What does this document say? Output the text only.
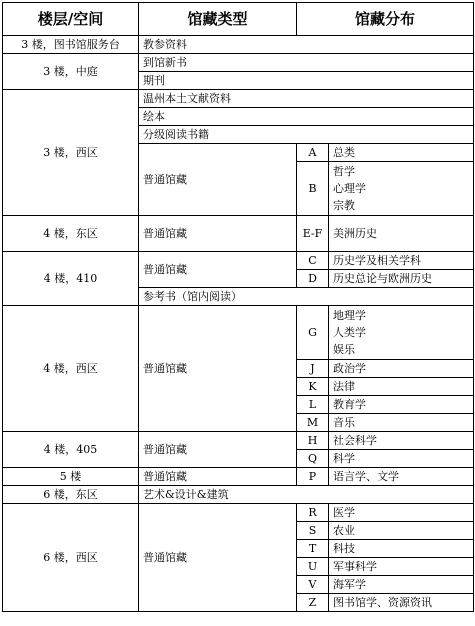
楼层/空间	馆藏类型	馆藏分布	
3 楼，图书馆服务台	教参资料		
3 楼，中庭	到馆新书		
	期刊		
3 楼，西区	温州本土文献资料		
	绘本		
	分级阅读书籍		
	普通馆藏	A	总类
		B	哲学
心理学
宗教

4 楼，东区	普通馆藏	E-F	美洲历史
4 楼，410	普通馆藏	C	历史学及相关学科
		D	历史总论与欧洲历史
	参考书（馆内阅读）		
4 楼，西区	普通馆藏	G	地理学
人类学
娱乐

		J	政治学
		K	法律
		L	教育学
		M	音乐
4 楼，405	普通馆藏	H	社会科学
		Q	科学
5 楼	普通馆藏	P	语言学、文学
6 楼，东区	艺术&设计&建筑		
6 楼，西区	普通馆藏	R	医学
		S	农业
		T	科技
		U	军事科学
		V	海军学
		Z	图书馆学、资源资讯
